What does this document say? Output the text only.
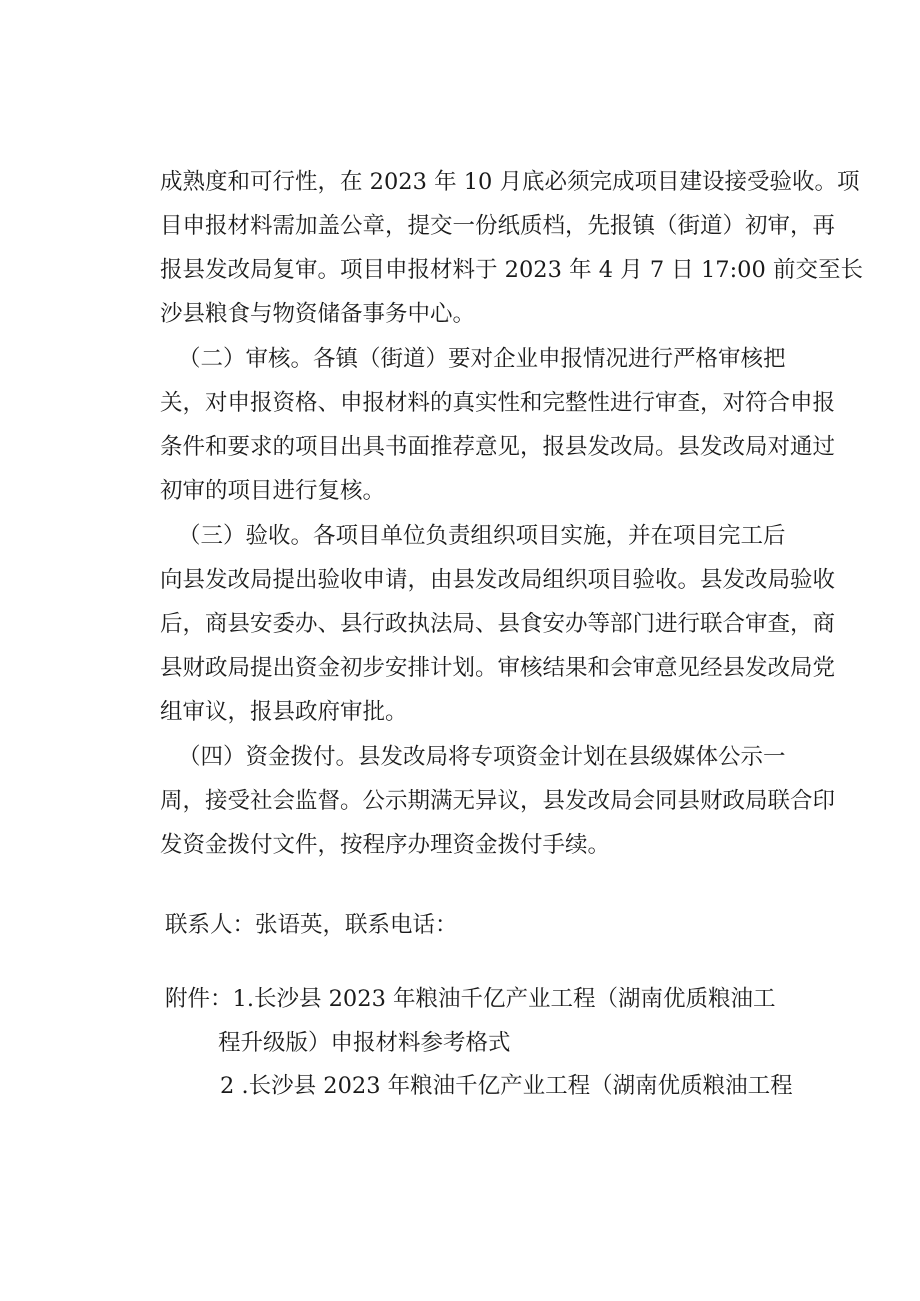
成熟度和可行性，在 2023 年 10 月底必须完成项目建设接受验收。项
目申报材料需加盖公章，提交一份纸质档，先报镇（街道）初审，再
报县发改局复审。项目申报材料于 2023 年 4 月 7 日 17:00 前交至长
沙县粮食与物资储备事务中心。
（二）审核。各镇（街道）要对企业申报情况进行严格审核把
关，对申报资格、申报材料的真实性和完整性进行审查，对符合申报
条件和要求的项目出具书面推荐意见，报县发改局。县发改局对通过
初审的项目进行复核。
（三）验收。各项目单位负责组织项目实施，并在项目完工后
向县发改局提出验收申请，由县发改局组织项目验收。县发改局验收
后，商县安委办、县行政执法局、县食安办等部门进行联合审查，商
县财政局提出资金初步安排计划。审核结果和会审意见经县发改局党
组审议，报县政府审批。
（四）资金拨付。县发改局将专项资金计划在县级媒体公示一
周，接受社会监督。公示期满无异议，县发改局会同县财政局联合印
发资金拨付文件，按程序办理资金拨付手续。
联系人：张语英，联系电话：
附件：1.长沙县 2023 年粮油千亿产业工程（湖南优质粮油工
程升级版）申报材料参考格式
2 .长沙县 2023 年粮油千亿产业工程（湖南优质粮油工程
